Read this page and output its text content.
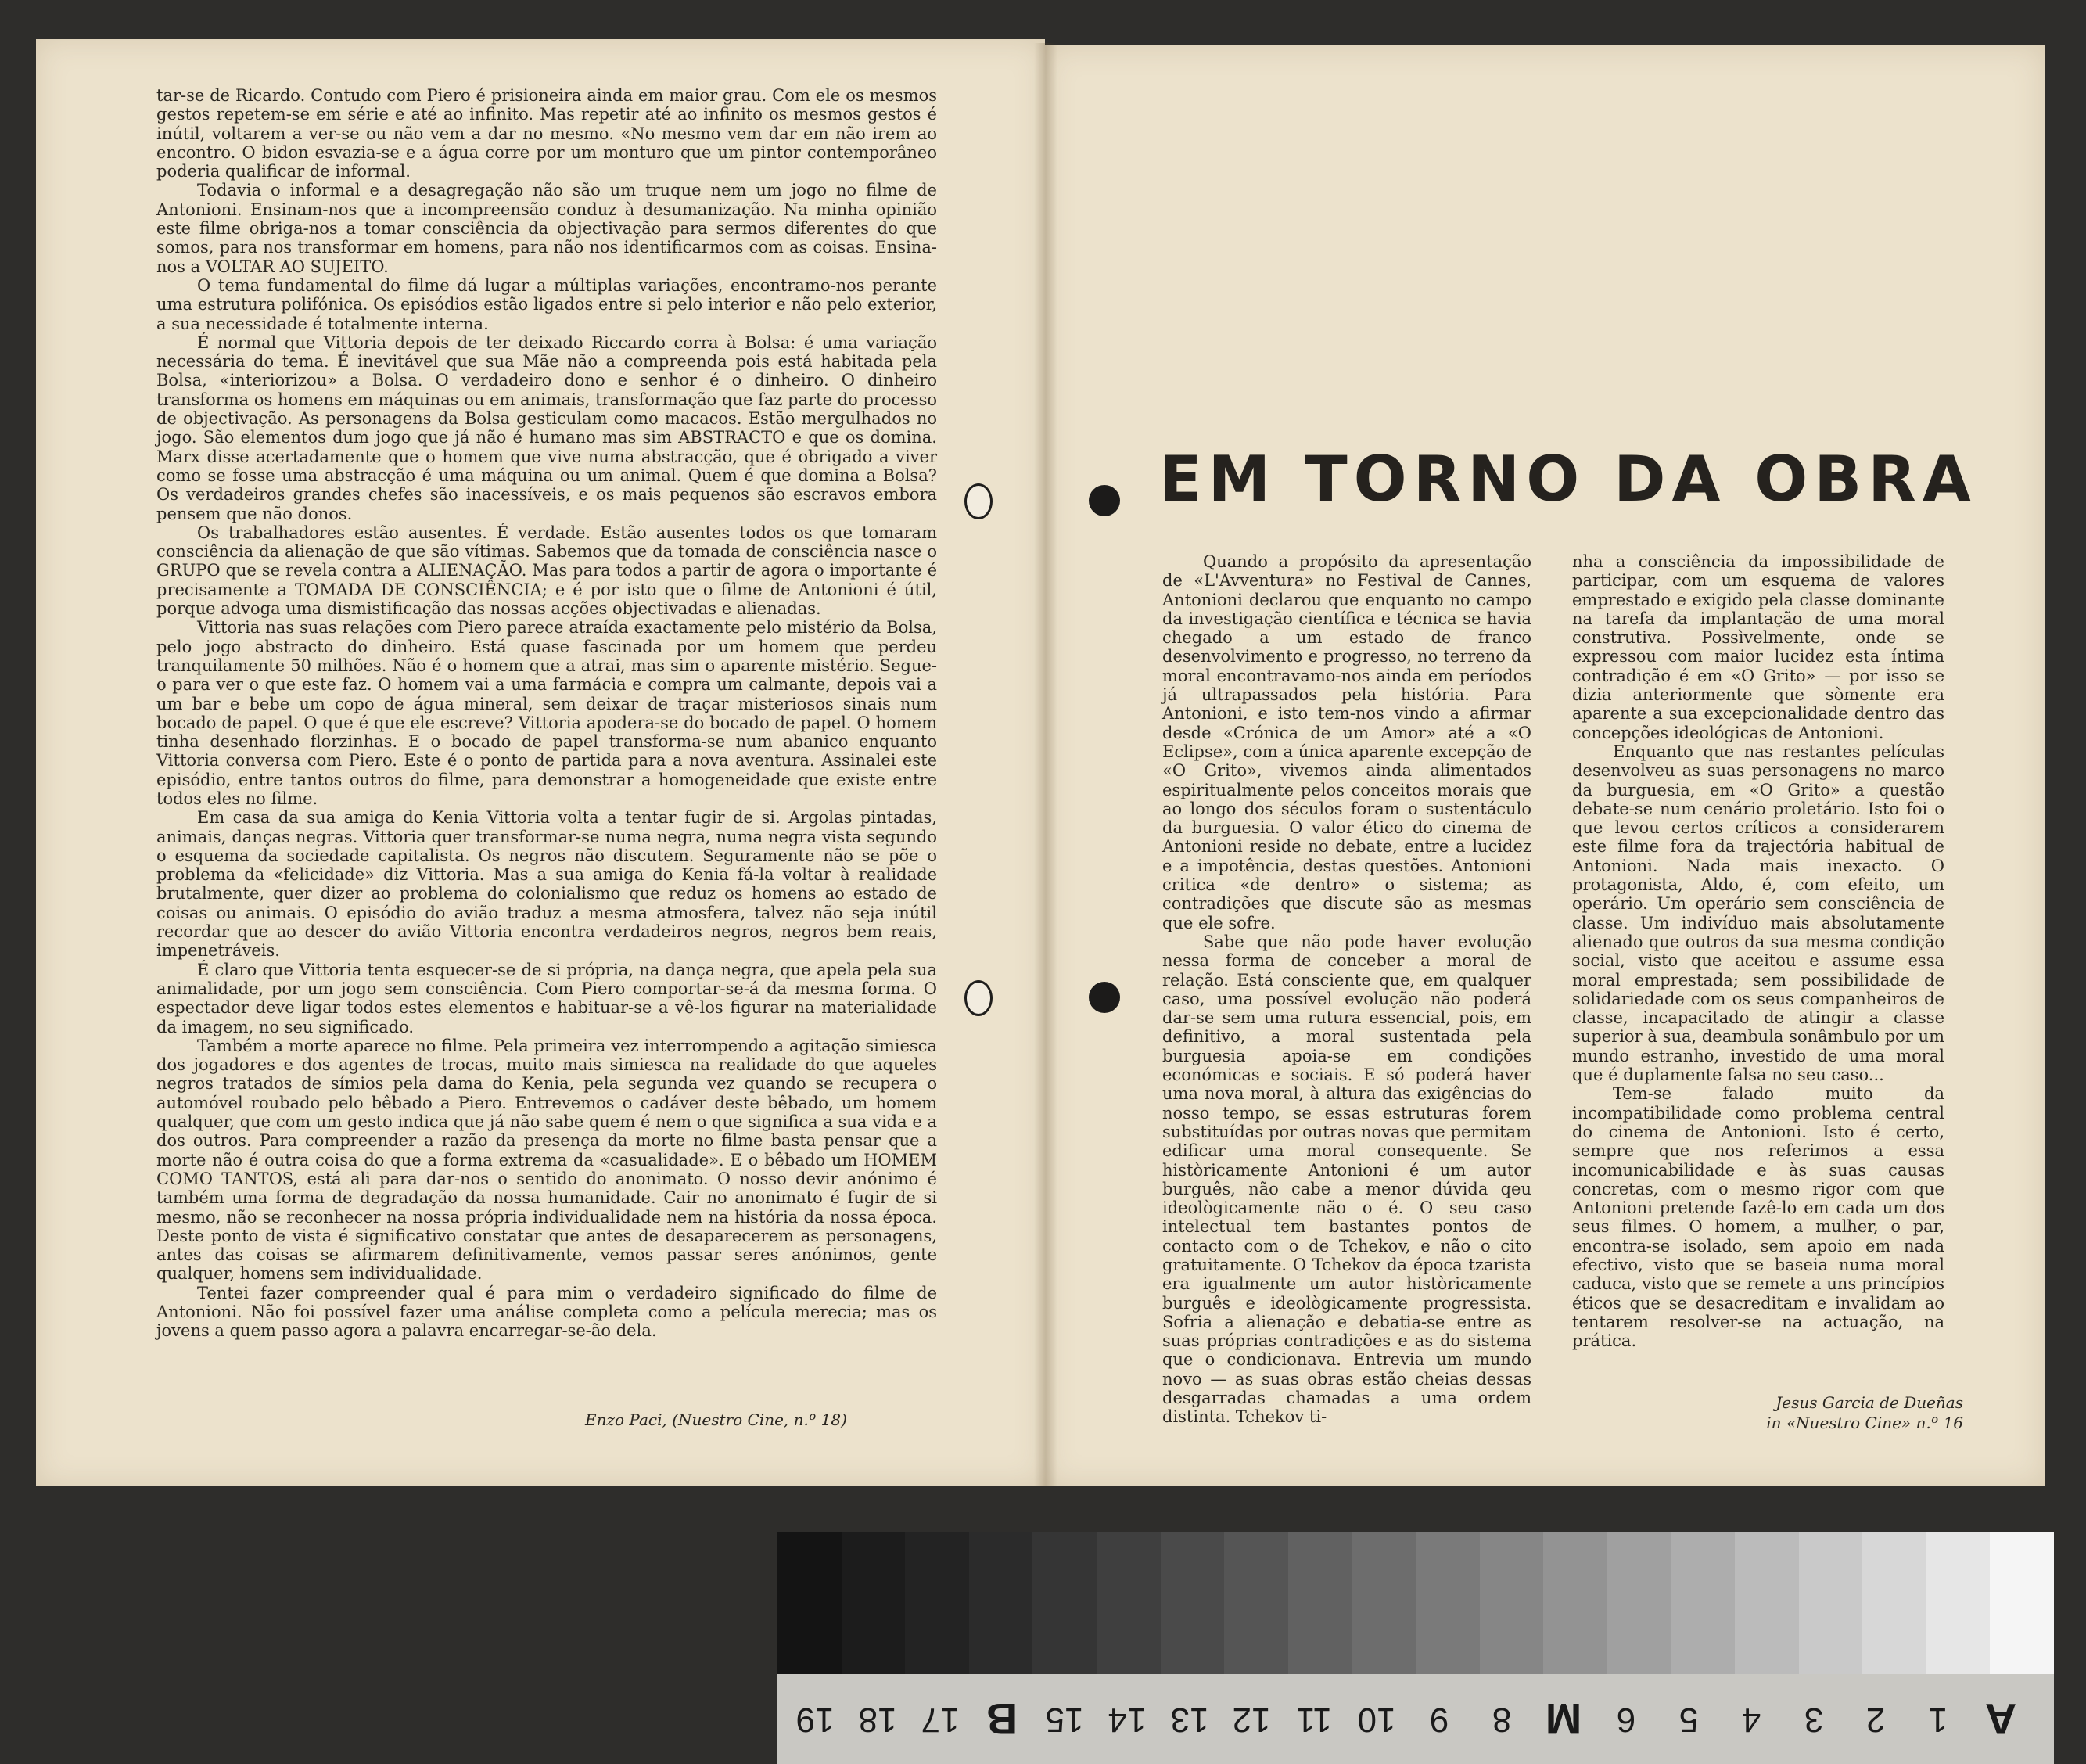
tar-se de Ricardo. Contudo com Piero é prisioneira ainda em maior grau. Com ele os mesmos gestos repetem-se em série e até ao infinito. Mas repetir até ao infinito os mesmos gestos é inútil, voltarem a ver-se ou não vem a dar no mesmo. «No mesmo vem dar em não irem ao encontro. O bidon esvazia-se e a água corre por um monturo que um pintor contemporâneo poderia qualificar de informal.

Todavia o informal e a desagregação não são um truque nem um jogo no filme de Antonioni. Ensinam-nos que a incompreensão conduz à desumanização. Na minha opinião este filme obriga-nos a tomar consciência da objectivação para sermos diferentes do que somos, para nos transformar em homens, para não nos identificarmos com as coisas. Ensina-nos a VOLTAR AO SUJEITO.

O tema fundamental do filme dá lugar a múltiplas variações, encontramo-nos perante uma estrutura polifónica. Os episódios estão ligados entre si pelo interior e não pelo exterior, a sua necessidade é totalmente interna.

É normal que Vittoria depois de ter deixado Riccardo corra à Bolsa: é uma variação necessária do tema. É inevitável que sua Mãe não a compreenda pois está habitada pela Bolsa, «interiorizou» a Bolsa. O verdadeiro dono e senhor é o dinheiro. O dinheiro transforma os homens em máquinas ou em animais, transformação que faz parte do processo de objectivação. As personagens da Bolsa gesticulam como macacos. Estão mergulhados no jogo. São elementos dum jogo que já não é humano mas sim ABSTRACTO e que os domina. Marx disse acertadamente que o homem que vive numa abstracção, que é obrigado a viver como se fosse uma abstracção é uma máquina ou um animal. Quem é que domina a Bolsa? Os verdadeiros grandes chefes são inacessíveis, e os mais pequenos são escravos embora pensem que não donos.

Os trabalhadores estão ausentes. É verdade. Estão ausentes todos os que tomaram consciência da alienação de que são vítimas. Sabemos que da tomada de consciência nasce o GRUPO que se revela contra a ALIENAÇÃO. Mas para todos a partir de agora o importante é precisamente a TOMADA DE CONSCIÊNCIA; e é por isto que o filme de Antonioni é útil, porque advoga uma dismistificação das nossas acções objectivadas e alienadas.

Vittoria nas suas relações com Piero parece atraída exactamente pelo mistério da Bolsa, pelo jogo abstracto do dinheiro. Está quase fascinada por um homem que perdeu tranquilamente 50 milhões. Não é o homem que a atrai, mas sim o aparente mistério. Segue-o para ver o que este faz. O homem vai a uma farmácia e compra um calmante, depois vai a um bar e bebe um copo de água mineral, sem deixar de traçar misteriosos sinais num bocado de papel. O que é que ele escreve? Vittoria apodera-se do bocado de papel. O homem tinha desenhado florzinhas. E o bocado de papel transforma-se num abanico enquanto Vittoria conversa com Piero. Este é o ponto de partida para a nova aventura. Assinalei este episódio, entre tantos outros do filme, para demonstrar a homogeneidade que existe entre todos eles no filme.

Em casa da sua amiga do Kenia Vittoria volta a tentar fugir de si. Argolas pintadas, animais, danças negras. Vittoria quer transformar-se numa negra, numa negra vista segundo o esquema da sociedade capitalista. Os negros não discutem. Seguramente não se põe o problema da «felicidade» diz Vittoria. Mas a sua amiga do Kenia fá-la voltar à realidade brutalmente, quer dizer ao problema do colonialismo que reduz os homens ao estado de coisas ou animais. O episódio do avião traduz a mesma atmosfera, talvez não seja inútil recordar que ao descer do avião Vittoria encontra verdadeiros negros, negros bem reais, impenetráveis.

É claro que Vittoria tenta esquecer-se de si própria, na dança negra, que apela pela sua animalidade, por um jogo sem consciência. Com Piero comportar-se-á da mesma forma. O espectador deve ligar todos estes elementos e habituar-se a vê-los figurar na materialidade da imagem, no seu significado.

Também a morte aparece no filme. Pela primeira vez interrompendo a agitação simiesca dos jogadores e dos agentes de trocas, muito mais simiesca na realidade do que aqueles negros tratados de símios pela dama do Kenia, pela segunda vez quando se recupera o automóvel roubado pelo bêbado a Piero. Entrevemos o cadáver deste bêbado, um homem qualquer, que com um gesto indica que já não sabe quem é nem o que significa a sua vida e a dos outros. Para compreender a razão da presença da morte no filme basta pensar que a morte não é outra coisa do que a forma extrema da «casualidade». E o bêbado um HOMEM COMO TANTOS, está ali para dar-nos o sentido do anonimato. O nosso devir anónimo é também uma forma de degradação da nossa humanidade. Cair no anonimato é fugir de si mesmo, não se reconhecer na nossa própria individualidade nem na história da nossa época. Deste ponto de vista é significativo constatar que antes de desaparecerem as personagens, antes das coisas se afirmarem definitivamente, vemos passar seres anónimos, gente qualquer, homens sem individualidade.

Tentei fazer compreender qual é para mim o verdadeiro significado do filme de Antonioni. Não foi possível fazer uma análise completa como a película merecia; mas os jovens a quem passo agora a palavra encarregar-se-ão dela.

Enzo Paci, (Nuestro Cine, n.º 18)
EM TORNO DA OBRA

Quando a propósito da apresentação de «L'Avventura» no Festival de Cannes, Antonioni declarou que enquanto no campo da investigação científica e técnica se havia chegado a um estado de franco desenvolvimento e progresso, no terreno da moral encontravamo-nos ainda em períodos já ultrapassados pela história. Para Antonioni, e isto tem-nos vindo a afirmar desde «Crónica de um Amor» até a «O Eclipse», com a única aparente excepção de «O Grito», vivemos ainda alimentados espiritualmente pelos conceitos morais que ao longo dos séculos foram o sustentáculo da burguesia. O valor ético do cinema de Antonioni reside no debate, entre a lucidez e a impotência, destas questões. Antonioni critica «de dentro» o sistema; as contradições que discute são as mesmas que ele sofre.

Sabe que não pode haver evolução nessa forma de conceber a moral de relação. Está consciente que, em qualquer caso, uma possível evolução não poderá dar-se sem uma rutura essencial, pois, em definitivo, a moral sustentada pela burguesia apoia-se em condições económicas e sociais. E só poderá haver uma nova moral, à altura das exigências do nosso tempo, se essas estruturas forem substituídas por outras novas que permitam edificar uma moral consequente. Se històricamente Antonioni é um autor burguês, não cabe a menor dúvida qeu ideològicamente não o é. O seu caso intelectual tem bastantes pontos de contacto com o de Tchekov, e não o cito gratuitamente. O Tchekov da época tzarista era igualmente um autor històricamente burguês e ideològicamente progressista. Sofria a alienação e debatia-se entre as suas próprias contradições e as do sistema que o condicionava. Entrevia um mundo novo — as suas obras estão cheias dessas desgarradas chamadas a uma ordem distinta. Tchekov ti-

nha a consciência da impossibilidade de participar, com um esquema de valores emprestado e exigido pela classe dominante na tarefa da implantação de uma moral construtiva. Possìvelmente, onde se expressou com maior lucidez esta íntima contradição é em «O Grito» — por isso se dizia anteriormente que sòmente era aparente a sua excepcionalidade dentro das concepções ideológicas de Antonioni.

Enquanto que nas restantes películas desenvolveu as suas personagens no marco da burguesia, em «O Grito» a questão debate-se num cenário proletário. Isto foi o que levou certos críticos a considerarem este filme fora da trajectória habitual de Antonioni. Nada mais inexacto. O protagonista, Aldo, é, com efeito, um operário. Um operário sem consciência de classe. Um indivíduo mais absolutamente alienado que outros da sua mesma condição social, visto que aceitou e assume essa moral emprestada; sem possibilidade de solidariedade com os seus companheiros de classe, incapacitado de atingir a classe superior à sua, deambula sonâmbulo por um mundo estranho, investido de uma moral que é duplamente falsa no seu caso...

Tem-se falado muito da incompatibilidade como problema central do cinema de Antonioni. Isto é certo, sempre que nos referimos a essa incomunicabilidade e às suas causas concretas, com o mesmo rigor com que Antonioni pretende fazê-lo em cada um dos seus filmes. O homem, a mulher, o par, encontra-se isolado, sem apoio em nada efectivo, visto que se baseia numa moral caduca, visto que se remete a uns princípios éticos que se desacreditam e invalidam ao tentarem resolver-se na actuação, na prática.

Jesus Garcia de Dueñas
in «Nuestro Cine» n.º 16
19 18 17 B 15 14 13 12 11 10 9	8 M	6	5	4	3	2	1 A
